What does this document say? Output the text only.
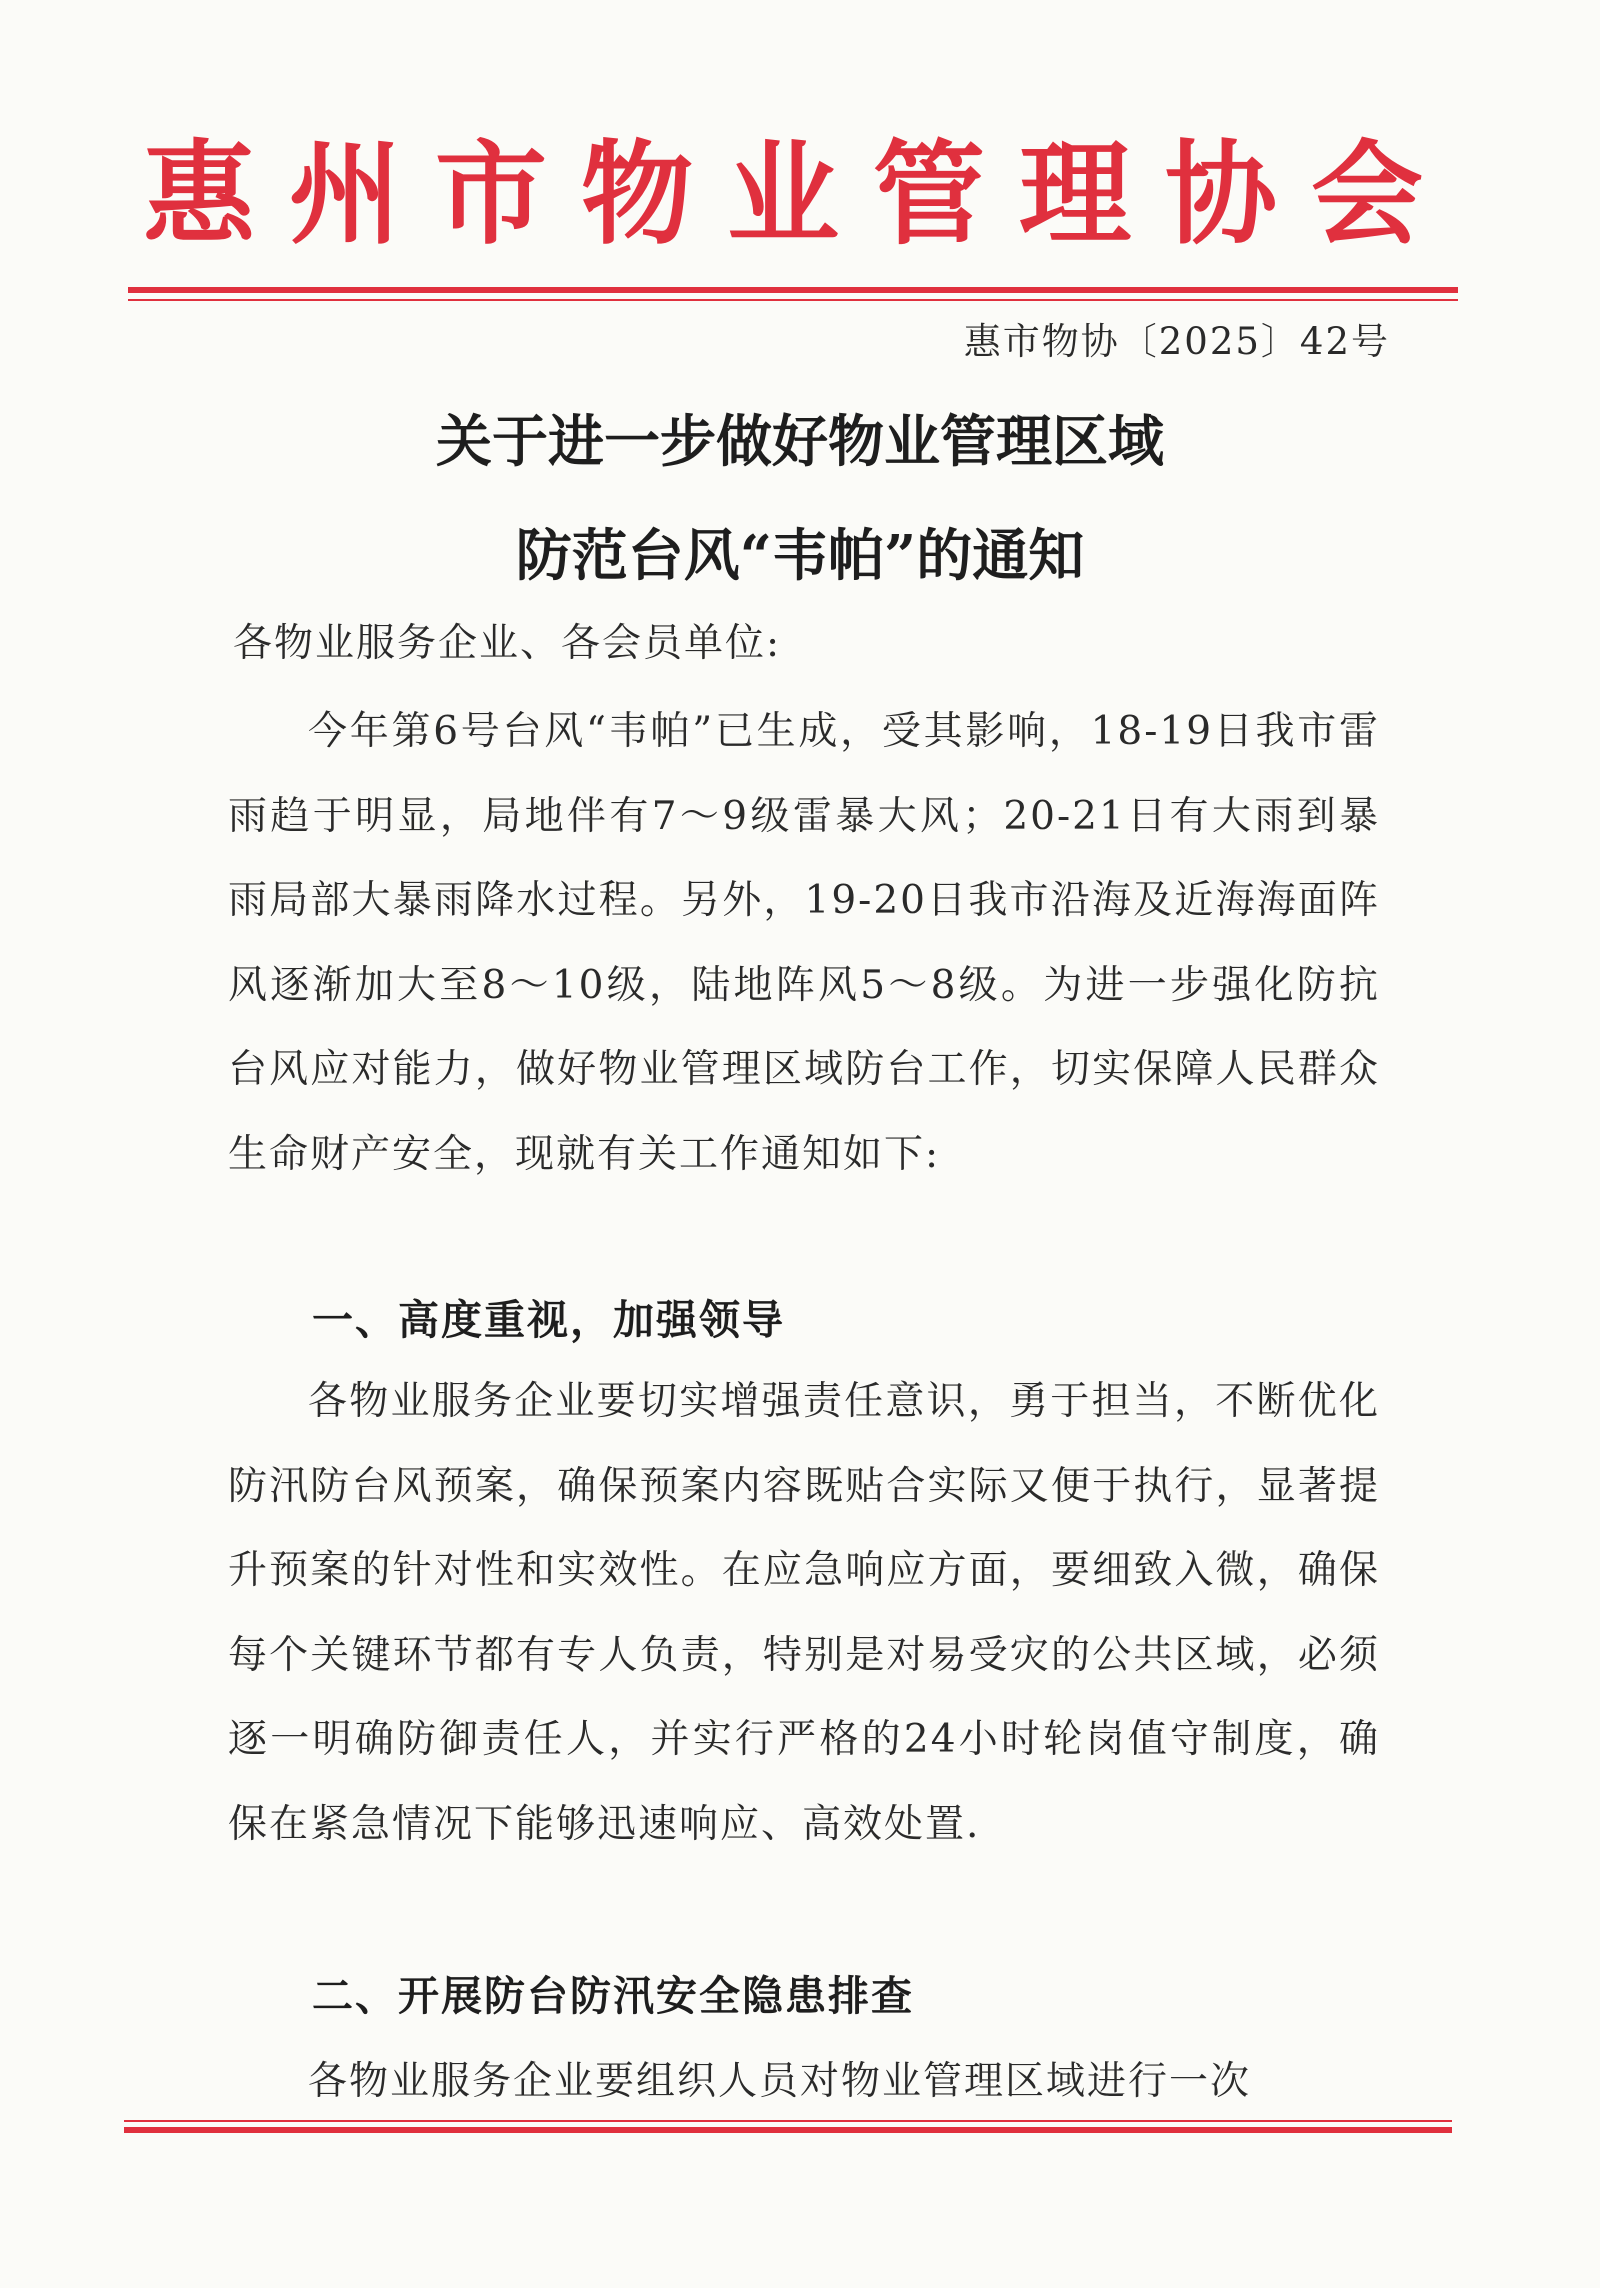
惠州市物业管理协会
惠市物协〔2025〕42号
关于进一步做好物业管理区域
防范台风“韦帕”的通知
各物业服务企业、各会员单位:

今年第6号台风“韦帕”已生成，受其影响，18-19日我市雷雨趋于明显，局地伴有7～9级雷暴大风；20-21日有大雨到暴雨局部大暴雨降水过程。另外，19-20日我市沿海及近海海面阵风逐渐加大至8～10级，陆地阵风5～8级。为进一步强化防抗台风应对能力，做好物业管理区域防台工作，切实保障人民群众生命财产安全，现就有关工作通知如下:

一、高度重视，加强领导

各物业服务企业要切实增强责任意识，勇于担当，不断优化防汛防台风预案，确保预案内容既贴合实际又便于执行，显著提升预案的针对性和实效性。在应急响应方面，要细致入微，确保每个关键环节都有专人负责，特别是对易受灾的公共区域，必须逐一明确防御责任人，并实行严格的24小时轮岗值守制度，确保在紧急情况下能够迅速响应、高效处置.

二、开展防台防汛安全隐患排查

各物业服务企业要组织人员对物业管理区域进行一次
